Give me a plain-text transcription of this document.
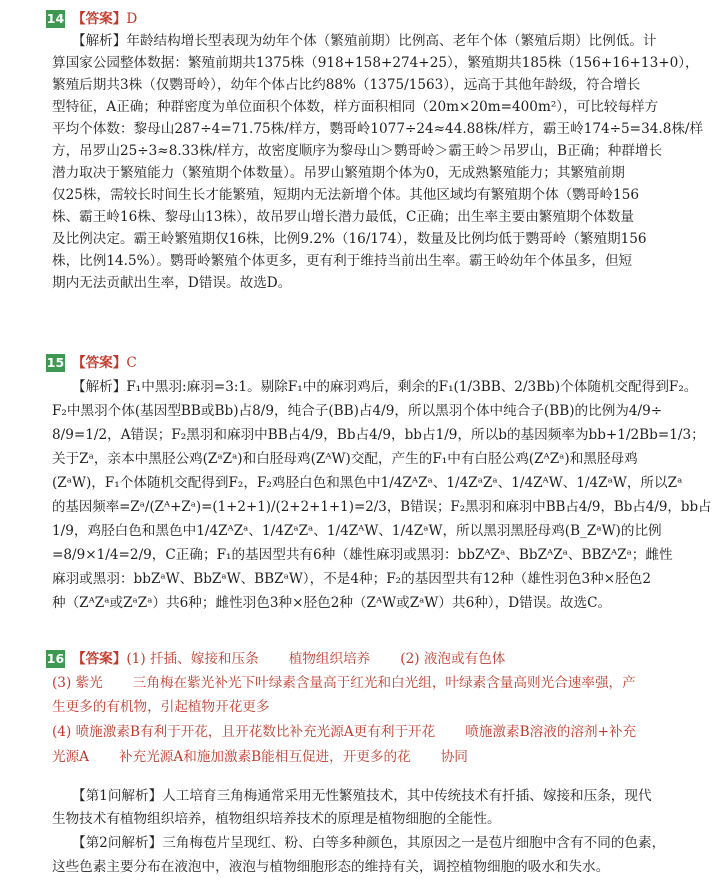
14 【答案】D
【解析】年龄结构增长型表现为幼年个体（繁殖前期）比例高、老年个体（繁殖后期）比例低。计
算国家公园整体数据：繁殖前期共1375株（918+158+274+25），繁殖期共185株（156+16+13+0），
繁殖后期共3株（仅鹦哥岭），幼年个体占比约88%（1375/1563），远高于其他年龄级，符合增长
型特征，A正确；种群密度为单位面积个体数，样方面积相同（20m×20m=400m²），可比较每样方
平均个体数：黎母山287÷4=71.75株/样方，鹦哥岭1077÷24≈44.88株/样方，霸王岭174÷5=34.8株/样
方，吊罗山25÷3≈8.33株/样方，故密度顺序为黎母山＞鹦哥岭＞霸王岭＞吊罗山，B正确；种群增长
潜力取决于繁殖能力（繁殖期个体数量）。吊罗山繁殖期个体为0，无成熟繁殖能力；其繁殖前期
仅25株，需较长时间生长才能繁殖，短期内无法新增个体。其他区域均有繁殖期个体（鹦哥岭156
株、霸王岭16株、黎母山13株），故吊罗山增长潜力最低，C正确；出生率主要由繁殖期个体数量
及比例决定。霸王岭繁殖期仅16株，比例9.2%（16/174），数量及比例均低于鹦哥岭（繁殖期156
株，比例14.5%）。鹦哥岭繁殖个体更多，更有利于维持当前出生率。霸王岭幼年个体虽多，但短
期内无法贡献出生率，D错误。故选D。
15 【答案】C
【解析】F₁中黑羽:麻羽=3:1。剔除F₁中的麻羽鸡后，剩余的F₁(1/3BB、2/3Bb)个体随机交配得到F₂。
F₂中黑羽个体(基因型BB或Bb)占8/9，纯合子(BB)占4/9，所以黑羽个体中纯合子(BB)的比例为4/9÷
8/9=1/2，A错误；F₂黑羽和麻羽中BB占4/9，Bb占4/9，bb占1/9，所以b的基因频率为bb+1/2Bb=1/3；
关于Zᵃ，亲本中黑胫公鸡(ZᵃZᵃ)和白胫母鸡(ZᴬW)交配，产生的F₁中有白胫公鸡(ZᴬZᵃ)和黑胫母鸡
(ZᵃW)，F₁个体随机交配得到F₂，F₂鸡胫白色和黑色中1/4ZᴬZᵃ、1/4ZᵃZᵃ、1/4ZᴬW、1/4ZᵃW，所以Zᵃ
的基因频率=Zᵃ/(Zᴬ+Zᵃ)=(1+2+1)/(2+2+1+1)=2/3，B错误；F₂黑羽和麻羽中BB占4/9，Bb占4/9，bb占
1/9，鸡胫白色和黑色中1/4ZᴬZᵃ、1/4ZᵃZᵃ、1/4ZᴬW、1/4ZᵃW，所以黑羽黑胫母鸡(B_ZᵃW)的比例
=8/9×1/4=2/9，C正确；F₁的基因型共有6种（雄性麻羽或黑羽：bbZᴬZᵃ、BbZᴬZᵃ、BBZᴬZᵃ；雌性
麻羽或黑羽：bbZᵃW、BbZᵃW、BBZᵃW），不是4种；F₂的基因型共有12种（雄性羽色3种×胫色2
种（ZᴬZᵃ或ZᵃZᵃ）共6种；雌性羽色3种×胫色2种（ZᴬW或ZᵃW）共6种），D错误。故选C。
16 【答案】(1) 扦插、嫁接和压条 植物组织培养 (2) 液泡或有色体
(3) 紫光 三角梅在紫光补光下叶绿素含量高于红光和白光组，叶绿素含量高则光合速率强，产
生更多的有机物，引起植物开花更多
(4) 喷施激素B有利于开花，且开花数比补充光源A更有利于开花 喷施激素B溶液的溶剂+补充
光源A 补充光源A和施加激素B能相互促进，开更多的花 协同
【第1问解析】人工培育三角梅通常采用无性繁殖技术，其中传统技术有扦插、嫁接和压条，现代
生物技术有植物组织培养，植物组织培养技术的原理是植物细胞的全能性。
【第2问解析】三角梅苞片呈现红、粉、白等多种颜色，其原因之一是苞片细胞中含有不同的色素，
这些色素主要分布在液泡中，液泡与植物细胞形态的维持有关，调控植物细胞的吸水和失水。
